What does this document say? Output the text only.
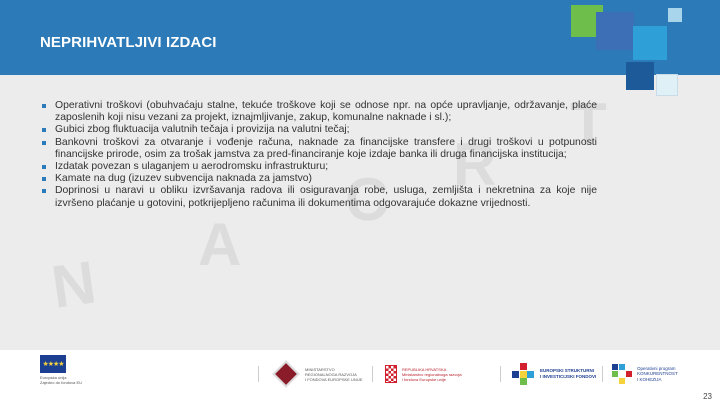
NEPRIHVATLJIVI IZDACI
N
A
C
R
T
Operativni troškovi (obuhvaćaju stalne, tekuće troškove koji se odnose npr. na opće upravljanje, održavanje, plaće zaposlenih koji nisu vezani za projekt, iznajmljivanje, zakup, komunalne naknade i sl.);
Gubici zbog fluktuacija valutnih tečaja i provizija na valutni tečaj;
Bankovni troškovi za otvaranje i vođenje računa, naknade za financijske transfere i drugi troškovi u potpunosti financijske prirode, osim za trošak jamstva za pred-financiranje koje izdaje banka ili druga financijska institucija;
Izdatak povezan s ulaganjem u aerodromsku infrastrukturu;
Kamate na dug (izuzev subvencija naknada za jamstvo)
Doprinosi u naravi u obliku izvršavanja radova ili osiguravanja robe, usluga, zemljišta i nekretnina za koje nije izvršeno plaćanje u gotovini, potkrijepljeno računima ili dokumentima odgovarajuće dokazne vrijednosti.
★★★★
Europska unija
Zajedno do fondova EU
MINISTARSTVO
REGIONALNOGA RAZVOJA
I FONDOVA EUROPSKE UNIJE
REPUBLIKA HRVATSKA
Ministarstvo regionalnoga razvoja
i fondova Europske unije
EUROPSKI STRUKTURNI
I INVESTICIJSKI FONDOVI
Operativni program
KONKURENTNOST
I KOHEZIJA
23
